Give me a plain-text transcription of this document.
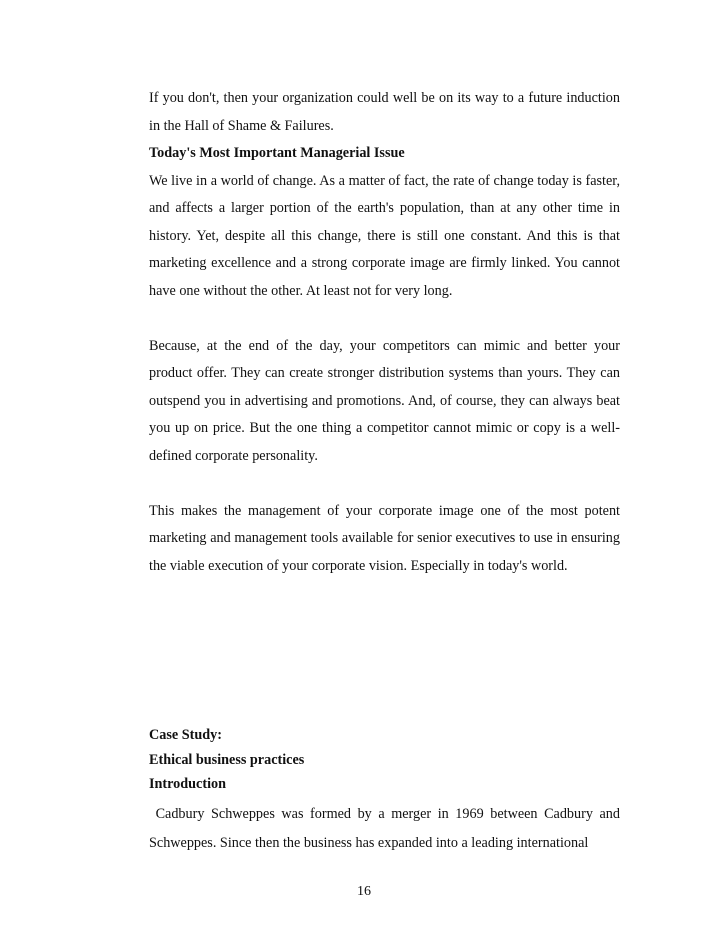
If you don't, then your organization could well be on its way to a future induction in the Hall of Shame & Failures.

Today's Most Important Managerial Issue

We live in a world of change. As a matter of fact, the rate of change today is faster, and affects a larger portion of the earth's population, than at any other time in history. Yet, despite all this change, there is still one constant. And this is that marketing excellence and a strong corporate image are firmly linked. You cannot have one without the other. At least not for very long.

Because, at the end of the day, your competitors can mimic and better your product offer. They can create stronger distribution systems than yours. They can outspend you in advertising and promotions. And, of course, they can always beat you up on price. But the one thing a competitor cannot mimic or copy is a well-defined corporate personality.

This makes the management of your corporate image one of the most potent marketing and management tools available for senior executives to use in ensuring the viable execution of your corporate vision. Especially in today's world.

Case Study:

Ethical business practices

Introduction

Cadbury Schweppes was formed by a merger in 1969 between Cadbury and Schweppes. Since then the business has expanded into a leading international

16
